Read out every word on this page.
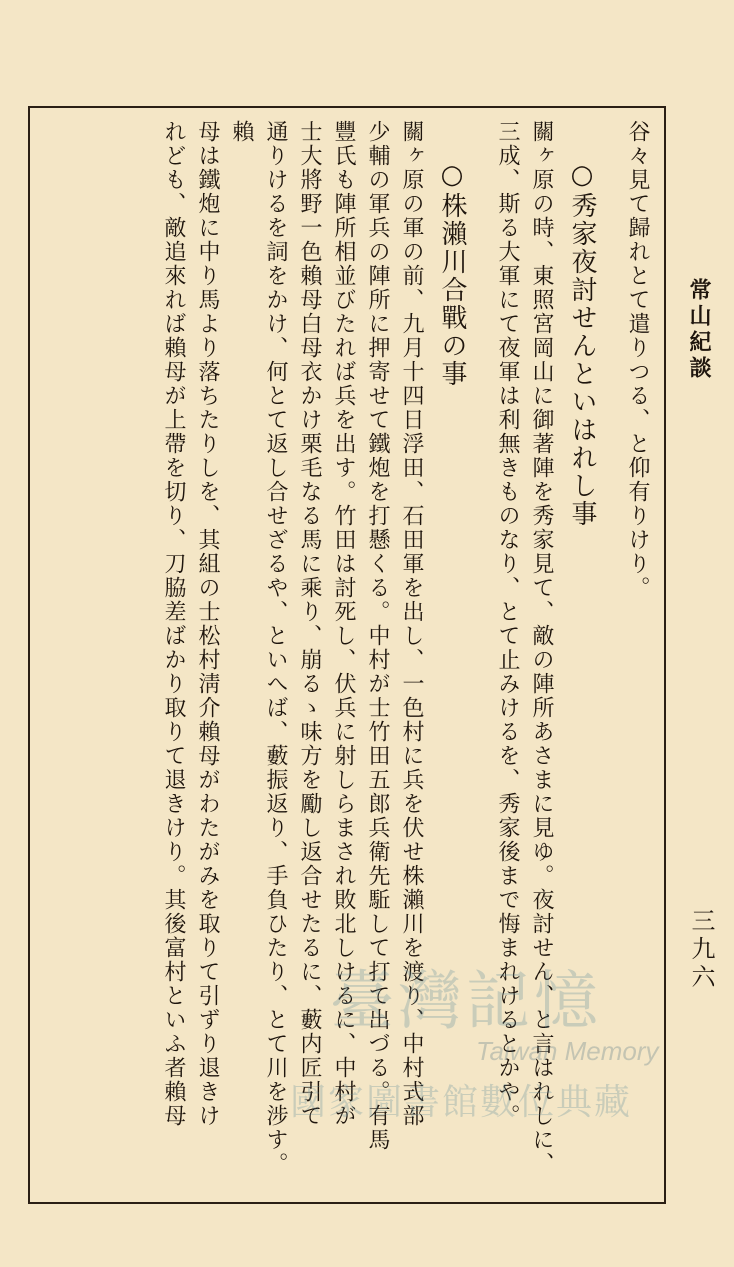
常山紀談
三九六
谷々見て歸れとて遣りつる、と仰有りけり。
○秀家夜討せんといはれし事
關ヶ原の時、東照宮岡山に御著陣を秀家見て、敵の陣所あさまに見ゆ。夜討せん、と言はれしに、
三成、斯る大軍にて夜軍は利無きものなり、とて止みけるを、秀家後まで悔まれけるとかや。
○株瀨川合戰の事
關ヶ原の軍の前、九月十四日浮田、石田軍を出し、一色村に兵を伏せ株瀨川を渡り、中村式部
少輔の軍兵の陣所に押寄せて鐵炮を打懸くる。中村が士竹田五郎兵衛先駈して打て出づる。有馬
豐氏も陣所相並びたれば兵を出す。竹田は討死し、伏兵に射しらまされ敗北しけるに、中村が
士大將野一色賴母白母衣かけ栗毛なる馬に乘り、崩るゝ味方を勵し返合せたるに、藪内匠引て
通りけるを詞をかけ、何とて返し合せざるや、といへば、藪振返り、手負ひたり、とて川を涉す。賴
母は鐵炮に中り馬より落ちたりしを、其組の士松村淸介賴母がわたがみを取りて引ずり退きけ
れども、敵追來れば賴母が上帶を切り、刀脇差ばかり取りて退きけり。其後富村といふ者賴母 臺灣記憶
Taiwan Memory
國家圖書館數位典藏
